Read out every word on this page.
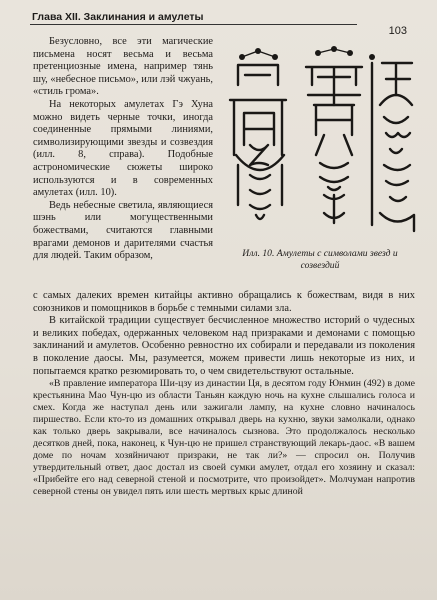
Глава XII. Заклинания и амулеты
103

Безусловно, все эти магические письмена носят весьма и весьма претенциозные имена, например тянь шу, «небесное письмо», или лэй чжуань, «стиль грома».

На некоторых амулетах Гэ Хуна можно видеть черные точки, иногда соединенные прямыми линиями, символизирующими звезды и созвездия (илл. 8, справа). Подобные астрономические сюжеты широко используются и в современных амулетах (илл. 10).

Ведь небесные светила, являющиеся шэнь или могущественными божествами, считаются главными врагами демонов и дарителями счастья для людей. Таким образом,	Илл. 10. Амулеты с символами звезд и созвездий

с самых далеких времен китайцы активно обращались к божествам, видя в них союзников и помощников в борьбе с темными силами зла.

В китайской традиции существует бесчисленное множество историй о чудесных и великих победах, одержанных человеком над призраками и демонами с помощью заклинаний и амулетов. Особенно ревностно их собирали и передавали из поколения в поколение даосы. Мы, разумеется, можем привести лишь некоторые из них, и попытаемся кратко резюмировать то, о чем свидетельствуют остальные.

«В правление императора Ши-цзу из династии Ця, в десятом году Юнмин (492) в доме крестьянина Мао Чун-цю из области Таньян каждую ночь на кухне слышались голоса и смех. Когда же наступал день или зажигали лампу, на кухне словно начиналось пиршество. Если кто-то из домашних открывал дверь на кухню, звуки замолкали, однако как только дверь закрывали, все начиналось сызнова. Это продолжалось несколько десятков дней, пока, наконец, к Чун-цю не пришел странствующий лекарь-даос. «В вашем доме по ночам хозяйничают призраки, не так ли?» — спросил он. Получив утвердительный ответ, даос достал из своей сумки амулет, отдал его хозяину и сказал: «Прибейте его над северной стеной и посмотрите, что произойдет». Молчуман напротив северной стены он увидел пять или шесть мертвых крыс длиной
